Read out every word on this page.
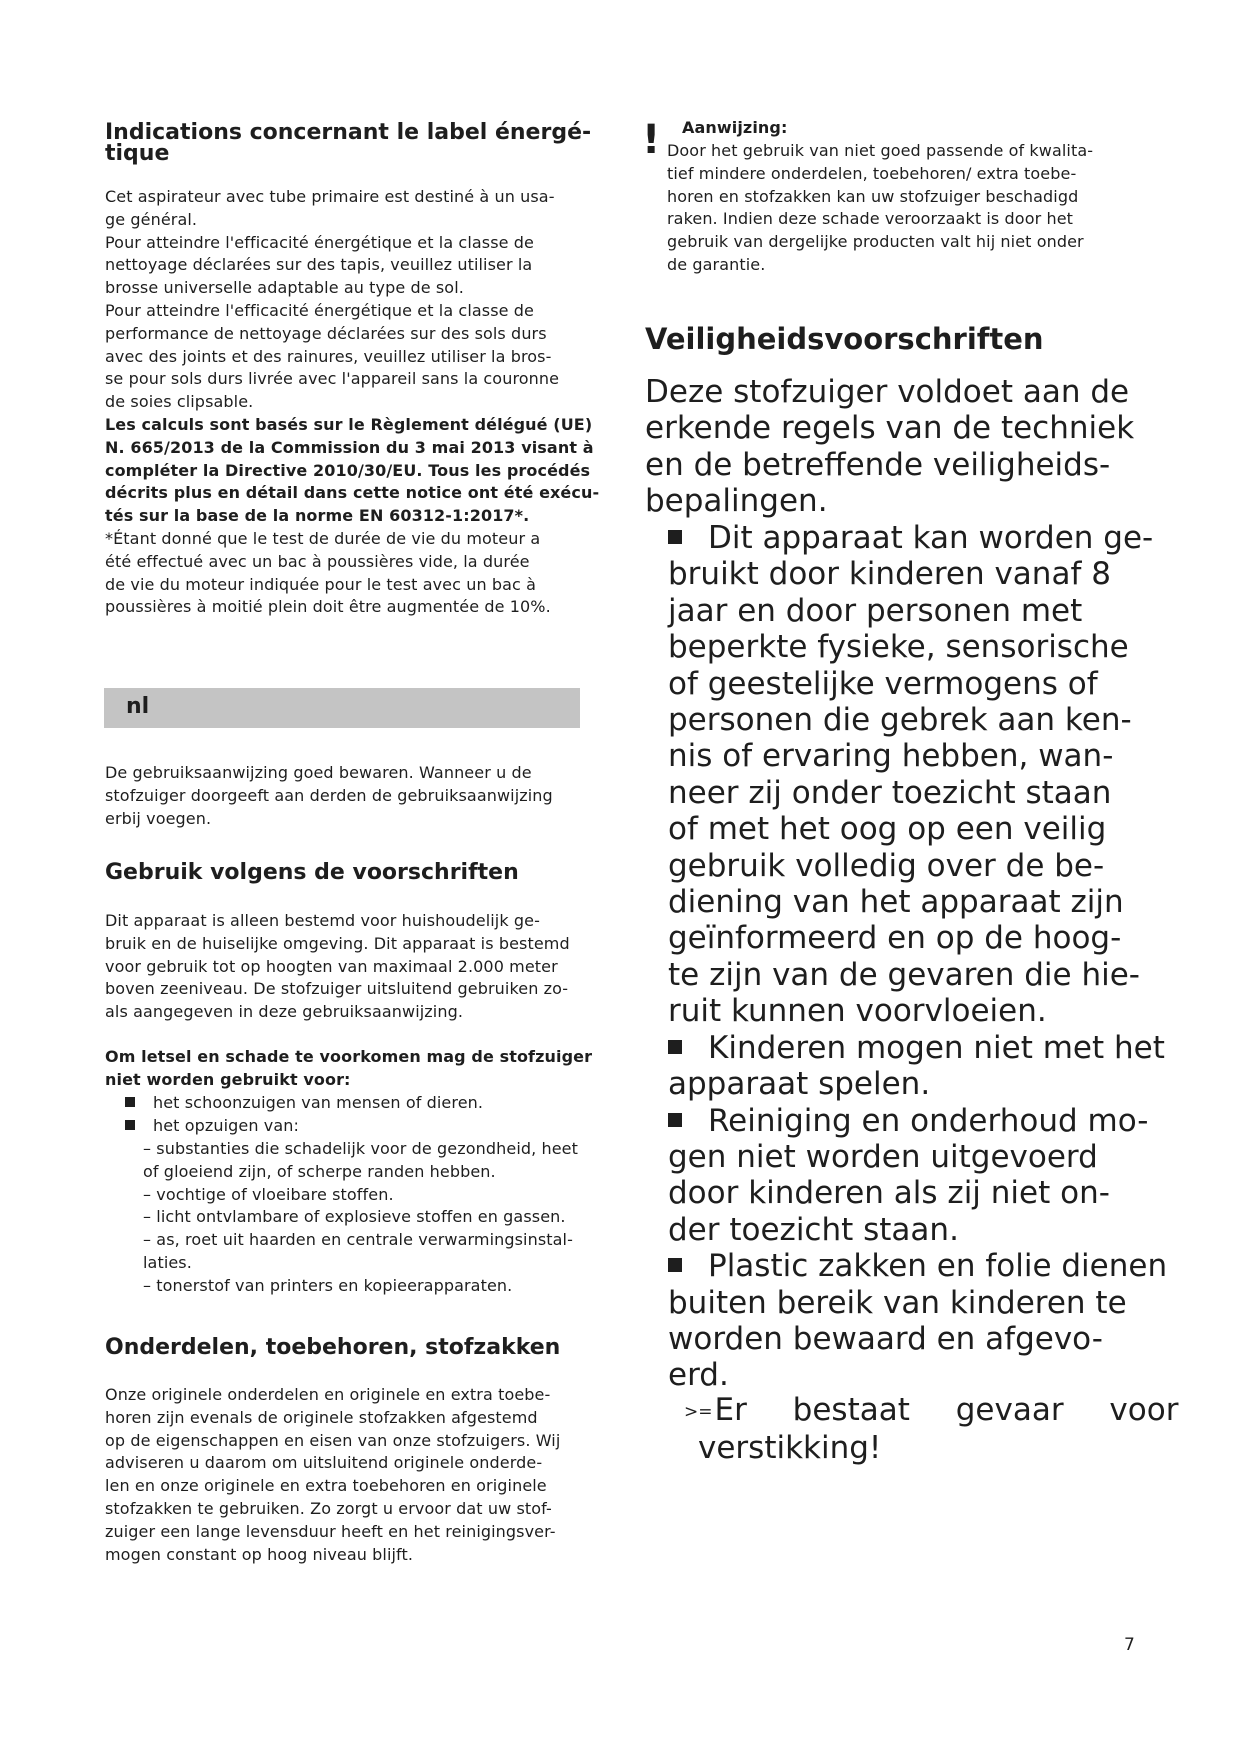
Indications concernant le label énergé-
tique
Cet aspirateur avec tube primaire est destiné à un usa-
ge général.
Pour atteindre l'efficacité énergétique et la classe de
nettoyage déclarées sur des tapis, veuillez utiliser la
brosse universelle adaptable au type de sol.
Pour atteindre l'efficacité énergétique et la classe de
performance de nettoyage déclarées sur des sols durs
avec des joints et des rainures, veuillez utiliser la bros-
se pour sols durs livrée avec l'appareil sans la couronne
de soies clipsable.
Les calculs sont basés sur le Règlement délégué (UE)
N. 665/2013 de la Commission du 3 mai 2013 visant à
compléter la Directive 2010/30/EU. Tous les procédés
décrits plus en détail dans cette notice ont été exécu-
tés sur la base de la norme EN 60312-1:2017*.
*Étant donné que le test de durée de vie du moteur a
été effectué avec un bac à poussières vide, la durée
de vie du moteur indiquée pour le test avec un bac à
poussières à moitié plein doit être augmentée de 10%.
nl
De gebruiksaanwijzing goed bewaren. Wanneer u de
stofzuiger doorgeeft aan derden de gebruiksaanwijzing
erbij voegen.
Gebruik volgens de voorschriften
Dit apparaat is alleen bestemd voor huishoudelijk ge-
bruik en de huiselijke omgeving. Dit apparaat is bestemd
voor gebruik tot op hoogten van maximaal 2.000 meter
boven zeeniveau. De stofzuiger uitsluitend gebruiken zo-
als aangegeven in deze gebruiksaanwijzing.
Om letsel en schade te voorkomen mag de stofzuiger
niet worden gebruikt voor:
het schoonzuigen van mensen of dieren.
het opzuigen van:
– substanties die schadelijk voor de gezondheid, heet
of gloeiend zijn, of scherpe randen hebben.
– vochtige of vloeibare stoffen.
– licht ontvlambare of explosieve stoffen en gassen.
– as, roet uit haarden en centrale verwarmingsinstal-
laties.
– tonerstof van printers en kopieerapparaten.
Onderdelen, toebehoren, stofzakken
Onze originele onderdelen en originele en extra toebe-
horen zijn evenals de originele stofzakken afgestemd
op de eigenschappen en eisen van onze stofzuigers. Wij
adviseren u daarom om uitsluitend originele onderde-
len en onze originele en extra toebehoren en originele
stofzakken te gebruiken. Zo zorgt u ervoor dat uw stof-
zuiger een lange levensduur heeft en het reinigingsver-
mogen constant op hoog niveau blijft.
! Aanwijzing:
Door het gebruik van niet goed passende of kwalita-
tief mindere onderdelen, toebehoren/ extra toebe-
horen en stofzakken kan uw stofzuiger beschadigd
raken. Indien deze schade veroorzaakt is door het
gebruik van dergelijke producten valt hij niet onder
de garantie.
Veiligheidsvoorschriften
Deze stofzuiger voldoet aan de
erkende regels van de techniek
en de betreffende veiligheids-
bepalingen.
Dit apparaat kan worden ge-
bruikt door kinderen vanaf 8
jaar en door personen met
beperkte fysieke, sensorische
of geestelijke vermogens of
personen die gebrek aan ken-
nis of ervaring hebben, wan-
neer zij onder toezicht staan
of met het oog op een veilig
gebruik volledig over de be-
diening van het apparaat zijn
geïnformeerd en op de hoog-
te zijn van de gevaren die hie-
ruit kunnen voorvloeien.
Kinderen mogen niet met het
apparaat spelen.
Reiniging en onderhoud mo-
gen niet worden uitgevoerd
door kinderen als zij niet on-
der toezicht staan.
Plastic zakken en folie dienen
buiten bereik van kinderen te
worden bewaard en afgevo-
erd.
>=Er bestaat gevaar voor
verstikking!
7
